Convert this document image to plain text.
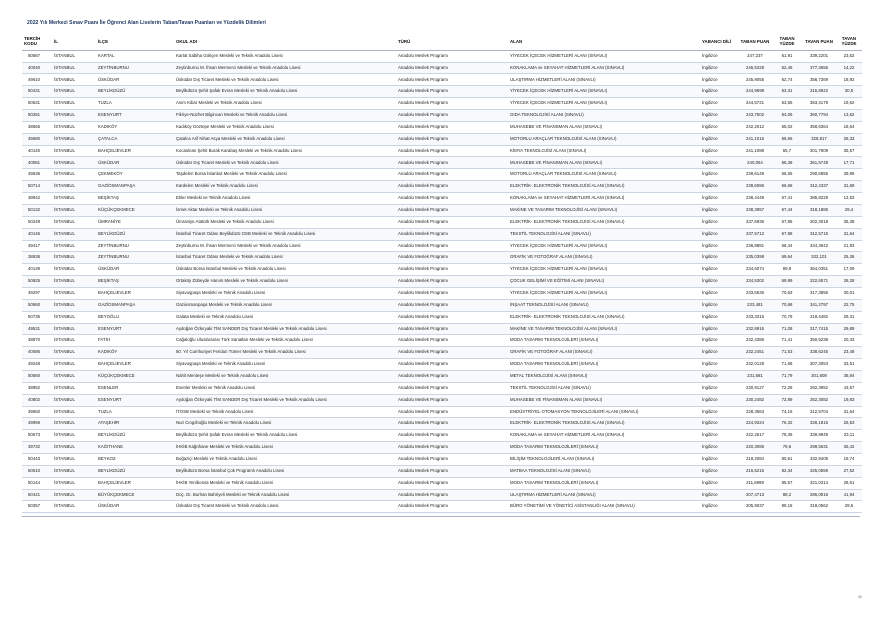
2022 Yılı Merkezi Sınav Puanı İle Öğrenci Alan Liselerin Taban/Tavan Puanları ve Yüzdelik Dilimleri
TERCİH KODU	İL	İLÇE	OKUL ADI	TÜRÜ	ALAN	YABANCI DİLİ	TABAN PUAN	TABAN YÜZDE	TAVAN PUAN	TAVAN YÜZDE
50567	İSTANBUL	KARTAL	Kartal Sabiha Gökçen Mesleki ve Teknik Anadolu Lisesi	Anadolu Meslek Programı	YİYECEK İÇECEK HİZMETLERİ ALANI (SINAVLI)	İngilizce	247,237	61,91	339,2201	23,52
40040	İSTANBUL	ZEYTİNBURNU	Zeytinburnu M. İhsan Mermerci Mesleki ve Teknik Anadolu Lisesi	Anadolu Meslek Programı	KONAKLAMA ve SEYAHAT HİZMETLERİ ALANI (SINAVLI)	İngilizce	246,5328	62,46	377,3656	14,22
49610	İSTANBUL	ÜSKÜDAR	Üsküdar Dış Ticaret Mesleki ve Teknik Anadolu Lisesi	Anadolu Meslek Programı	ULAŞTIRMA HİZMETLERİ ALANI (SINAVLI)	İngilizce	245,9055	62,74	356,7369	18,92
50431	İSTANBUL	BEYLİKDÜZÜ	Beylikdüzü Şehit Şafak Evran Mesleki ve Teknik Anadolu Lisesi	Anadolu Meslek Programı	YİYECEK İÇECEK HİZMETLERİ ALANI (SINAVLI)	İngilizce	244,9698	63,31	315,8922	30,5
50631	İSTANBUL	TUZLA	Asım Kibar Mesleki ve Teknik Anadolu Lisesi	Anadolu Meslek Programı	YİYECEK İÇECEK HİZMETLERİ ALANI (SINAVLI)	İngilizce	244,5721	63,55	353,4179	19,62
50281	İSTANBUL	ESENYURT	Fikriye-Nüzhet Bilgincan Mesleki ve Teknik Anadolu Lisesi	Anadolu Meslek Programı	GIDA TEKNOLOJİSİ ALANI (SINAVLI)	İngilizce	243,7502	64,05	360,7794	13,52
38665	İSTANBUL	KADIKÖY	Kadıköy Göztepe Mesleki ve Teknik Anadolu Lisesi	Anadolu Meslek Programı	MUHASEBE VE FİNANSMAN ALANI (SINAVLI)	İngilizce	242,2012	65,02	358,6364	18,64
49680	İSTANBUL	ÇATALCA	Çatalca Arif Nihat Asya Mesleki ve Teknik Anadolu Lisesi	Anadolu Meslek Programı	MOTORLU ARAÇLAR TEKNOLOJİSİ ALANI (SINAVLI)	İngilizce	241,1016	65,66	328,817	26,33
40140	İSTANBUL	BAHÇELİEVLER	Kocasinan Şehit Burak Karabaş Mesleki ve Teknik Anadolu Lisesi	Anadolu Meslek Programı	KİMYA TEKNOLOJİSİ ALANI (SINAVLI)	İngilizce	241,1088	65,7	301,7909	35,57
40081	İSTANBUL	ÜSKÜDAR	Üsküdar Dış Ticaret Mesleki ve Teknik Anadolu Lisesi	Anadolu Meslek Programı	MUHASEBE VE FİNANSMAN ALANI (SINAVLI)	İngilizce	240,054	66,38	361,5748	17,71
49636	İSTANBUL	ÇEKMEKÖY	Taşdelen Borsa İstanbul Mesleki ve Teknik Anadolu Lisesi	Anadolu Meslek Programı	MOTORLU ARAÇLAR TEKNOLOJİSİ ALANI (SINAVLI)	İngilizce	239,6149	66,65	290,6855	39,98
50714	İSTANBUL	GAZİOSMANPAŞA	Kardelen Mesleki ve Teknik Anadolu Lisesi	Anadolu Meslek Programı	ELEKTRİK- ELEKTRONİK TEKNOLOJİSİ ALANI (SINAVLI)	İngilizce	239,6086	66,66	312,4337	31,69
38942	İSTANBUL	BEŞİKTAŞ	Etiler Mesleki ve Teknik Anadolu Lisesi	Anadolu Meslek Programı	KONAKLAMA ve SEYAHAT HİZMETLERİ ALANI (SINAVLI)	İngilizce	238,4449	67,41	385,8229	12,53
50132	İSTANBUL	KÜÇÜKÇEKMECE	İsmet Aktar Mesleki ve Teknik Anadolu Lisesi	Anadolu Meslek Programı	MAKİNE VE TASARIM TEKNOLOJİSİ ALANI (SINAVLI)	İngilizce	238,3957	67,44	318,1885	29,4
50249	İSTANBUL	ÜMRANİYE	Ümraniye Atatürk Mesleki ve Teknik Anadolu Lisesi	Anadolu Meslek Programı	ELEKTRİK- ELEKTRONİK TEKNOLOJİSİ ALANI (SINAVLI)	İngilizce	237,6936	67,85	302,3018	35,38
40146	İSTANBUL	BEYLİKDÜZÜ	İstanbul Ticaret Odası Beylikdüzü OSB Mesleki ve Teknik Anadolu Lisesi	Anadolu Meslek Programı	TEKSTİL TEKNOLOJİSİ ALANI (SINAVLI)	İngilizce	237,5712	67,98	312,5715	31,64
49417	İSTANBUL	ZEYTİNBURNU	Zeytinburnu M. İhsan Mermerci Mesleki ve Teknik Anadolu Lisesi	Anadolu Meslek Programı	YİYECEK İÇECEK HİZMETLERİ ALANI (SINAVLI)	İngilizce	236,8881	68,44	344,3642	21,93
38636	İSTANBUL	ZEYTİNBURNU	İstanbul Ticaret Odası Mesleki ve Teknik Anadolu Lisesi	Anadolu Meslek Programı	GRAFİK VE FOTOĞRAF ALANI (SINAVLI)	İngilizce	235,0398	69,64	332,101	25,36
40139	İSTANBUL	ÜSKÜDAR	Üsküdar Borsa İstanbul Mesleki ve Teknik Anadolu Lisesi	Anadolu Meslek Programı	YİYECEK İÇECEK HİZMETLERİ ALANI (SINAVLI)	İngilizce	234,6074	69,9	364,0351	17,09
50625	İSTANBUL	BEŞİKTAŞ	Ortaköy Zübeyde Hanım Mesleki ve Teknik Anadolu Lisesi	Anadolu Meslek Programı	ÇOCUK GELİŞİMİ VE EĞİTİMİ ALANI (SINAVLI)	İngilizce	234,5302	69,99	322,6571	28,28
49297	İSTANBUL	BAHÇELİEVLER	Siyavuşpaşa Mesleki ve Teknik Anadolu Lisesi	Anadolu Meslek Programı	YİYECEK İÇECEK HİZMETLERİ ALANI (SINAVLI)	İngilizce	233,5536	70,63	317,3856	30,01
50560	İSTANBUL	GAZİOSMANPAŞA	Gaziosmanpaşa Mesleki ve Teknik Anadolu Lisesi	Anadolu Meslek Programı	İNŞAAT TEKNOLOJİSİ ALANI (SINAVLI)	İngilizce	233,481	70,68	341,2797	22,75
50735	İSTANBUL	BEYOĞLU	Galata Mesleki ve Teknik Anadolu Lisesi	Anadolu Meslek Programı	ELEKTRİK- ELEKTRONİK TEKNOLOJİSİ ALANI (SINAVLI)	İngilizce	233,3315	70,79	319,4482	29,31
49531	İSTANBUL	ESENYURT	Aydoğan Özkıryaki TİM SANDER Dış Ticaret Mesleki ve Teknik Anadolu Lisesi	Anadolu Meslek Programı	MAKİNE VE TASARIM TEKNOLOJİSİ ALANI (SINAVLI)	İngilizce	232,8916	71,08	317,7415	29,89
38870	İSTANBUL	FATİH	Cağaloğlu Uluslararası Türk Sanatları Mesleki ve Teknik Anadolu Lisesi	Anadolu Meslek Programı	MODA TASARIM TEKNOLOJİLERİ (SINAVLI)	İngilizce	232,4386	71,41	350,5238	20,33
40086	İSTANBUL	KADIKÖY	50. Yıl Cumhuriyet Feridun Tümer Mesleki ve Teknik Anadolu Lisesi	Anadolu Meslek Programı	GRAFİK VE FOTOĞRAF ALANI (SINAVLI)	İngilizce	232,2451	71,53	338,6245	23,48
49248	İSTANBUL	BAHÇELİEVLER	Siyavuşpaşa Mesleki ve Teknik Anadolu Lisesi	Anadolu Meslek Programı	MODA TASARIM TEKNOLOJİLERİ (SINAVLI)	İngilizce	232,0128	71,68	307,3053	33,51
50560	İSTANBUL	KÜÇÜKÇEKMECE	Nahit Menteşe Mesleki ve Teknik Anadolu Lisesi	Anadolu Meslek Programı	METAL TEKNOLOJİSİ ALANI (SINAVLI)	İngilizce	231,681	71,79	301,608	35,84
38952	İSTANBUL	ESENLER	Esenler Mesleki ve Teknik Anadolu Lisesi	Anadolu Meslek Programı	TEKSTİL TEKNOLOJİSİ ALANI (SINAVLI)	İngilizce	230,9127	72,29	282,3952	43,57
40802	İSTANBUL	ESENYURT	Aydoğan Özkıryaki TİM SANDER Dış Ticaret Mesleki ve Teknik Anadolu Lisesi	Anadolu Meslek Programı	MUHASEBE VE FİNANSMAN ALANI (SINAVLI)	İngilizce	230,2482	72,89	352,3082	19,83
39650	İSTANBUL	TUZLA	İTOSB Mesleki ve Teknik Anadolu Lisesi	Anadolu Meslek Programı	ENDÜSTRİYEL OTOMASYON TEKNOLOJİLERİ ALANI (SINAVLI)	İngilizce	228,3563	74,15	312,5704	31,64
49959	İSTANBUL	ATAŞEHİR	Nuri Cıngıllıoğlu Mesleki ve Teknik Anadolu Lisesi	Anadolu Meslek Programı	ELEKTRİK- ELEKTRONİK TEKNOLOJİSİ ALANI (SINAVLI)	İngilizce	224,9324	76,32	328,1815	26,53
50673	İSTANBUL	BEYLİKDÜZÜ	Beylikdüzü Şehit Şafak Evran Mesleki ve Teknik Anadolu Lisesi	Anadolu Meslek Programı	KONAKLAMA ve SEYAHAT HİZMETLERİ ALANI (SINAVLI)	İngilizce	222,2617	78,35	339,9949	23,11
39732	İSTANBUL	KAĞITHANE	İHKİB Kağıthane Mesleki ve Teknik Anadolu Lisesi	Anadolu Meslek Programı	MODA TASARIM TEKNOLOJİLERİ (SINAVLI)	İngilizce	220,3085	79,6	299,5631	36,42
50443	İSTANBUL	BEYKOZ	Boğaziçi Mesleki ve Teknik Anadolu Lisesi	Anadolu Meslek Programı	BİLİŞİM TEKNOLOJİLERİ ALANI (SINAVLI)	İngilizce	219,2084	80,61	332,9405	19,74
50510	İSTANBUL	BEYLİKDÜZÜ	Beylikdüzü Borsa İstanbul Çok Programlı Anadolu Lisesi	Anadolu Meslek Programı	MATBAA TEKNOLOJİSİ ALANI (SINAVLI)	İngilizce	216,5215	82,34	325,0659	27,52
50144	İSTANBUL	BAHÇELİEVLER	İHKİB Yenibosna Mesleki ve Teknik Anadolu Lisesi	Anadolu Meslek Programı	MODA TASARIM TEKNOLOJİLERİ (SINAVLI)	İngilizce	211,6998	85,57	321,0314	28,51
50421	İSTANBUL	BÜYÜKÇEKMECE	Doç. Dr. Burhan Bahriyeli Mesleki ve Teknik Anadolu Lisesi	Anadolu Meslek Programı	ULAŞTIRMA HİZMETLERİ ALANI (SINAVLI)	İngilizce	207,4713	88,2	286,0916	41,94
50357	İSTANBUL	ÜSKÜDAR	Üsküdar Dış Ticaret Mesleki ve Teknik Anadolu Lisesi	Anadolu Meslek Programı	BÜRO YÖNETİMİ VE YÖNETİCİ ASİSTANLIĞI ALANI (SINAVLI)	İngilizce	205,9037	89,15	318,0562	29,5
40
